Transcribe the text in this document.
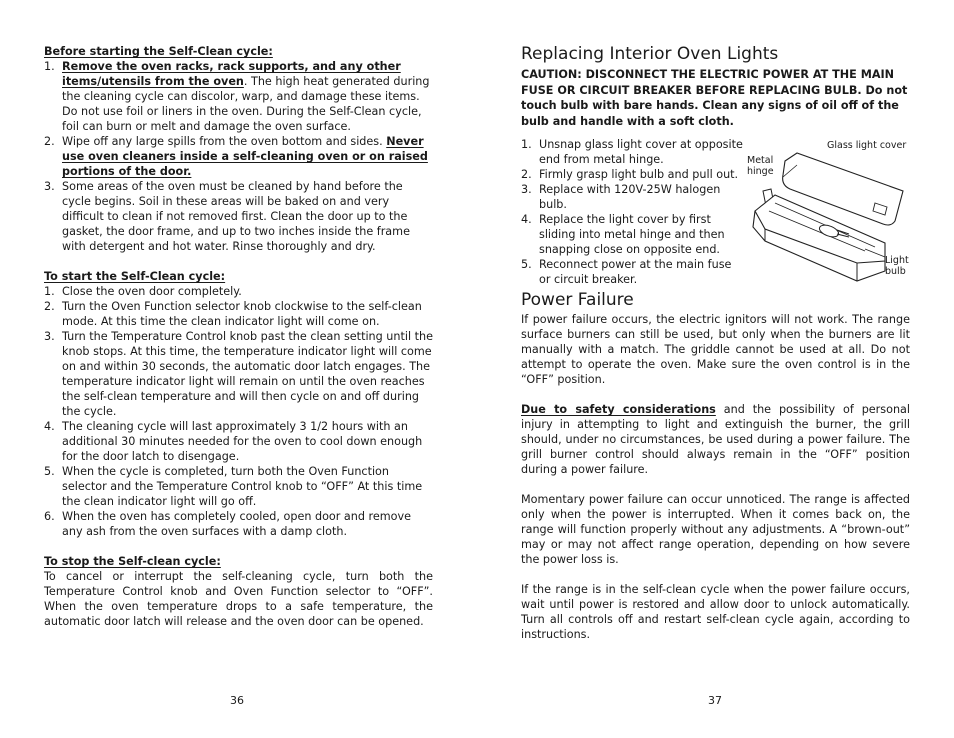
Before starting the Self-Clean cycle:
1. Remove the oven racks, rack supports, and any other items/utensils from the oven. The high heat generated during the cleaning cycle can discolor, warp, and damage these items. Do not use foil or liners in the oven. During the Self-Clean cycle, foil can burn or melt and damage the oven surface.
2. Wipe off any large spills from the oven bottom and sides. Never use oven cleaners inside a self-cleaning oven or on raised portions of the door.
3. Some areas of the oven must be cleaned by hand before the cycle begins. Soil in these areas will be baked on and very difficult to clean if not removed first. Clean the door up to the gasket, the door frame, and up to two inches inside the frame with detergent and hot water. Rinse thoroughly and dry.
To start the Self-Clean cycle:
1. Close the oven door completely.
2. Turn the Oven Function selector knob clockwise to the self-clean mode. At this time the clean indicator light will come on.
3. Turn the Temperature Control knob past the clean setting until the knob stops. At this time, the temperature indicator light will come on and within 30 seconds, the automatic door latch engages. The temperature indicator light will remain on until the oven reaches the self-clean temperature and will then cycle on and off during the cycle.
4. The cleaning cycle will last approximately 3 1/2 hours with an additional 30 minutes needed for the oven to cool down enough for the door latch to disengage.
5. When the cycle is completed, turn both the Oven Function selector and the Temperature Control knob to “OFF” At this time the clean indicator light will go off.
6. When the oven has completely cooled, open door and remove any ash from the oven surfaces with a damp cloth.
To stop the Self-clean cycle:
To cancel or interrupt the self-cleaning cycle, turn both the Temperature Control knob and Oven Function selector to “OFF”. When the oven temperature drops to a safe temperature, the automatic door latch will release and the oven door can be opened.
36
Replacing Interior Oven Lights
CAUTION: DISCONNECT THE ELECTRIC POWER AT THE MAIN FUSE OR CIRCUIT BREAKER BEFORE REPLACING BULB. Do not touch bulb with bare hands. Clean any signs of oil off of the bulb and handle with a soft cloth.
1. Unsnap glass light cover at opposite end from metal hinge.
2. Firmly grasp light bulb and pull out.
3. Replace with 120V-25W halogen bulb.
4. Replace the light cover by first sliding into metal hinge and then snapping close on opposite end.
5. Reconnect power at the main fuse or circuit breaker.
Glass light cover
Metal hinge
Light bulb
Power Failure
If power failure occurs, the electric ignitors will not work. The range surface burners can still be used, but only when the burners are lit manually with a match. The griddle cannot be used at all. Do not attempt to operate the oven. Make sure the oven control is in the “OFF” position.
Due to safety considerations and the possibility of personal injury in attempting to light and extinguish the burner, the grill should, under no circumstances, be used during a power failure. The grill burner control should always remain in the “OFF” position during a power failure.
Momentary power failure can occur unnoticed. The range is affected only when the power is interrupted. When it comes back on, the range will function properly without any adjustments. A “brown-out” may or may not affect range operation, depending on how severe the power loss is.
If the range is in the self-clean cycle when the power failure occurs, wait until power is restored and allow door to unlock automatically. Turn all controls off and restart self-clean cycle again, according to instructions.
37
